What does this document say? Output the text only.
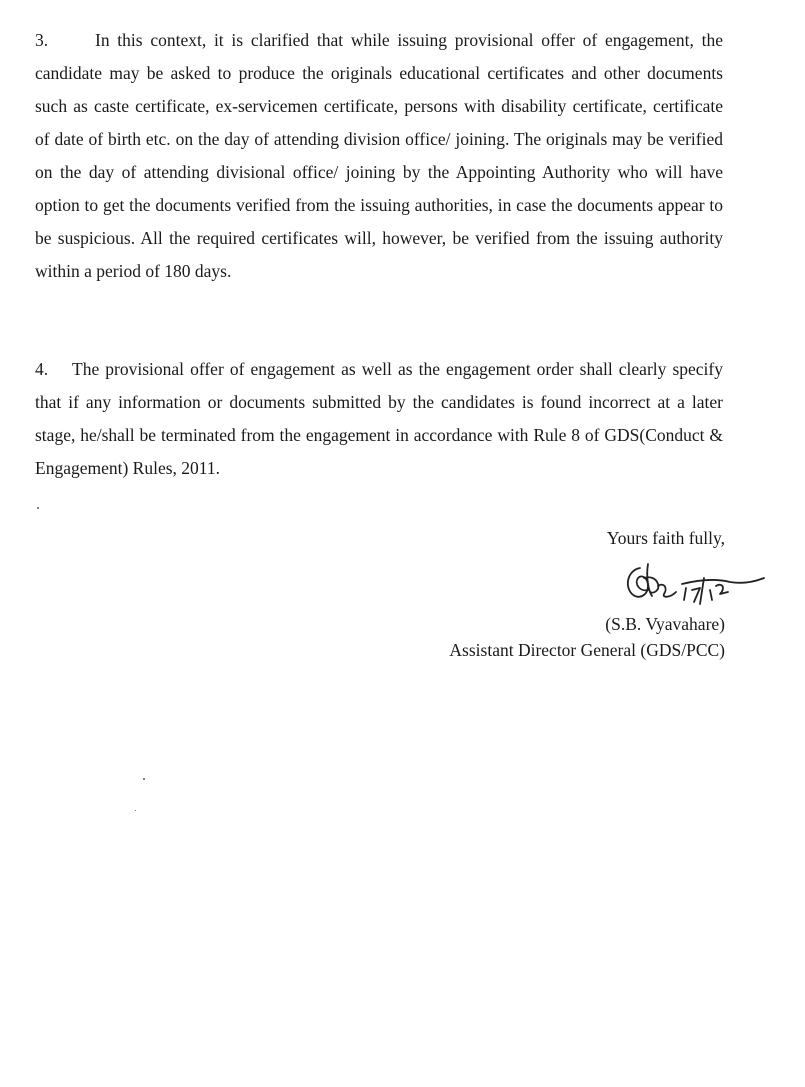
3.	In this context, it is clarified that while issuing provisional offer of engagement, the candidate may be asked to produce the originals educational certificates and other documents such as caste certificate, ex-servicemen certificate, persons with disability certificate, certificate of date of birth etc. on the day of attending division office/ joining. The originals may be verified on the day of attending divisional office/ joining by the Appointing Authority who will have option to get the documents verified from the issuing authorities, in case the documents appear to be suspicious. All the required certificates will, however, be verified from the issuing authority within a period of 180 days.

4. The provisional offer of engagement as well as the engagement order shall clearly specify that if any information or documents submitted by the candidates is found incorrect at a later stage, he/shall be terminated from the engagement in accordance with Rule 8 of GDS(Conduct & Engagement) Rules, 2011.

Yours faith fully,

17/12

(S.B. Vyavahare)

Assistant Director General (GDS/PCC)
